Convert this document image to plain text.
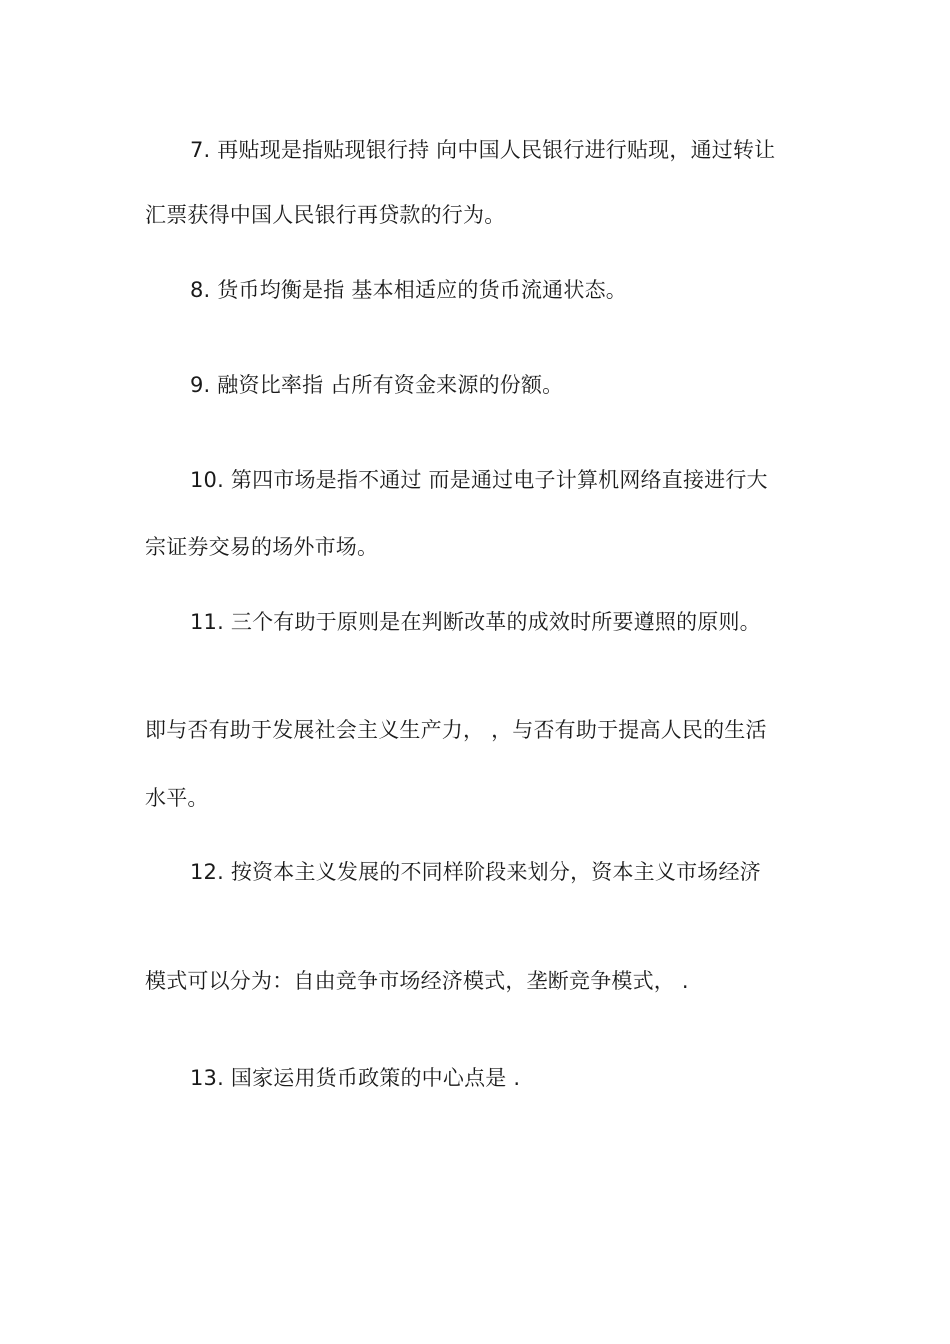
7. 再贴现是指贴现银行持 向中国人民银行进行贴现，通过转让
汇票获得中国人民银行再贷款的行为。
8. 货币均衡是指 基本相适应的货币流通状态。
9. 融资比率指 占所有资金来源的份额。
10. 第四市场是指不通过 而是通过电子计算机网络直接进行大
宗证券交易的场外市场。
11. 三个有助于原则是在判断改革的成效时所要遵照的原则。
即与否有助于发展社会主义生产力， ，与否有助于提高人民的生活
水平。
12. 按资本主义发展的不同样阶段来划分，资本主义市场经济
模式可以分为：自由竞争市场经济模式，垄断竞争模式， .
13. 国家运用货币政策的中心点是 .
